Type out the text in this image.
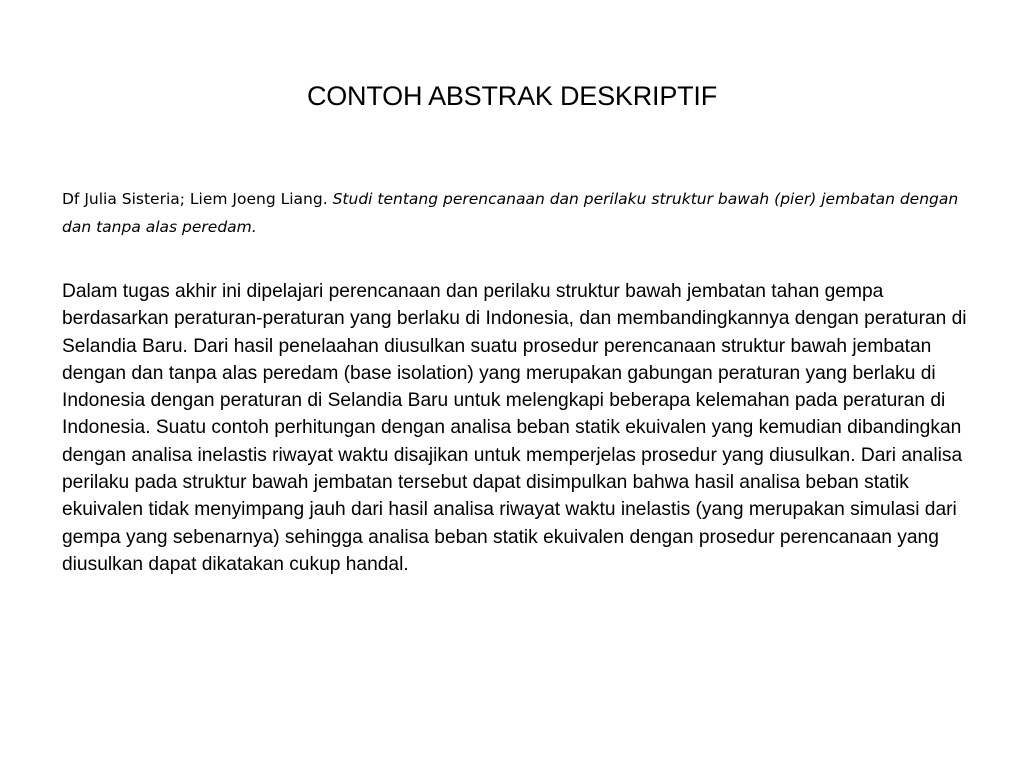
CONTOH ABSTRAK DESKRIPTIF

Df Julia Sisteria; Liem Joeng Liang. Studi tentang perencanaan dan perilaku struktur bawah (pier) jembatan dengan dan tanpa alas peredam.

Dalam tugas akhir ini dipelajari perencanaan dan perilaku struktur bawah jembatan tahan gempa berdasarkan peraturan-peraturan yang berlaku di Indonesia, dan membandingkannya dengan peraturan di Selandia Baru. Dari hasil penelaahan diusulkan suatu prosedur perencanaan struktur bawah jembatan dengan dan tanpa alas peredam (base isolation) yang merupakan gabungan peraturan yang berlaku di Indonesia dengan peraturan di Selandia Baru untuk melengkapi beberapa kelemahan pada peraturan di Indonesia. Suatu contoh perhitungan dengan analisa beban statik ekuivalen yang kemudian dibandingkan dengan analisa inelastis riwayat waktu disajikan untuk memperjelas prosedur yang diusulkan. Dari analisa perilaku pada struktur bawah jembatan tersebut dapat disimpulkan bahwa hasil analisa beban statik ekuivalen tidak menyimpang jauh dari hasil analisa riwayat waktu inelastis (yang merupakan simulasi dari gempa yang sebenarnya) sehingga analisa beban statik ekuivalen dengan prosedur perencanaan yang diusulkan dapat dikatakan cukup handal.
